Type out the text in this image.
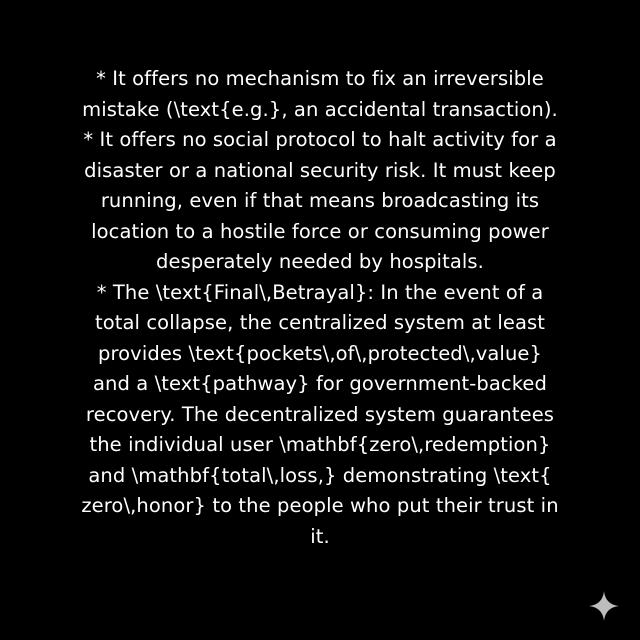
* It offers no mechanism to fix an irreversible
mistake (\text{e.g.}, an accidental transaction).
* It offers no social protocol to halt activity for a
disaster or a national security risk. It must keep
running, even if that means broadcasting its
location to a hostile force or consuming power
desperately needed by hospitals.
* The \text{Final\,Betrayal}: In the event of a
total collapse, the centralized system at least
provides \text{pockets\,of\,protected\,value}
and a \text{pathway} for government-backed
recovery. The decentralized system guarantees
the individual user \mathbf{zero\,redemption}
and \mathbf{total\,loss,} demonstrating \text{
zero\,honor} to the people who put their trust in
it.
